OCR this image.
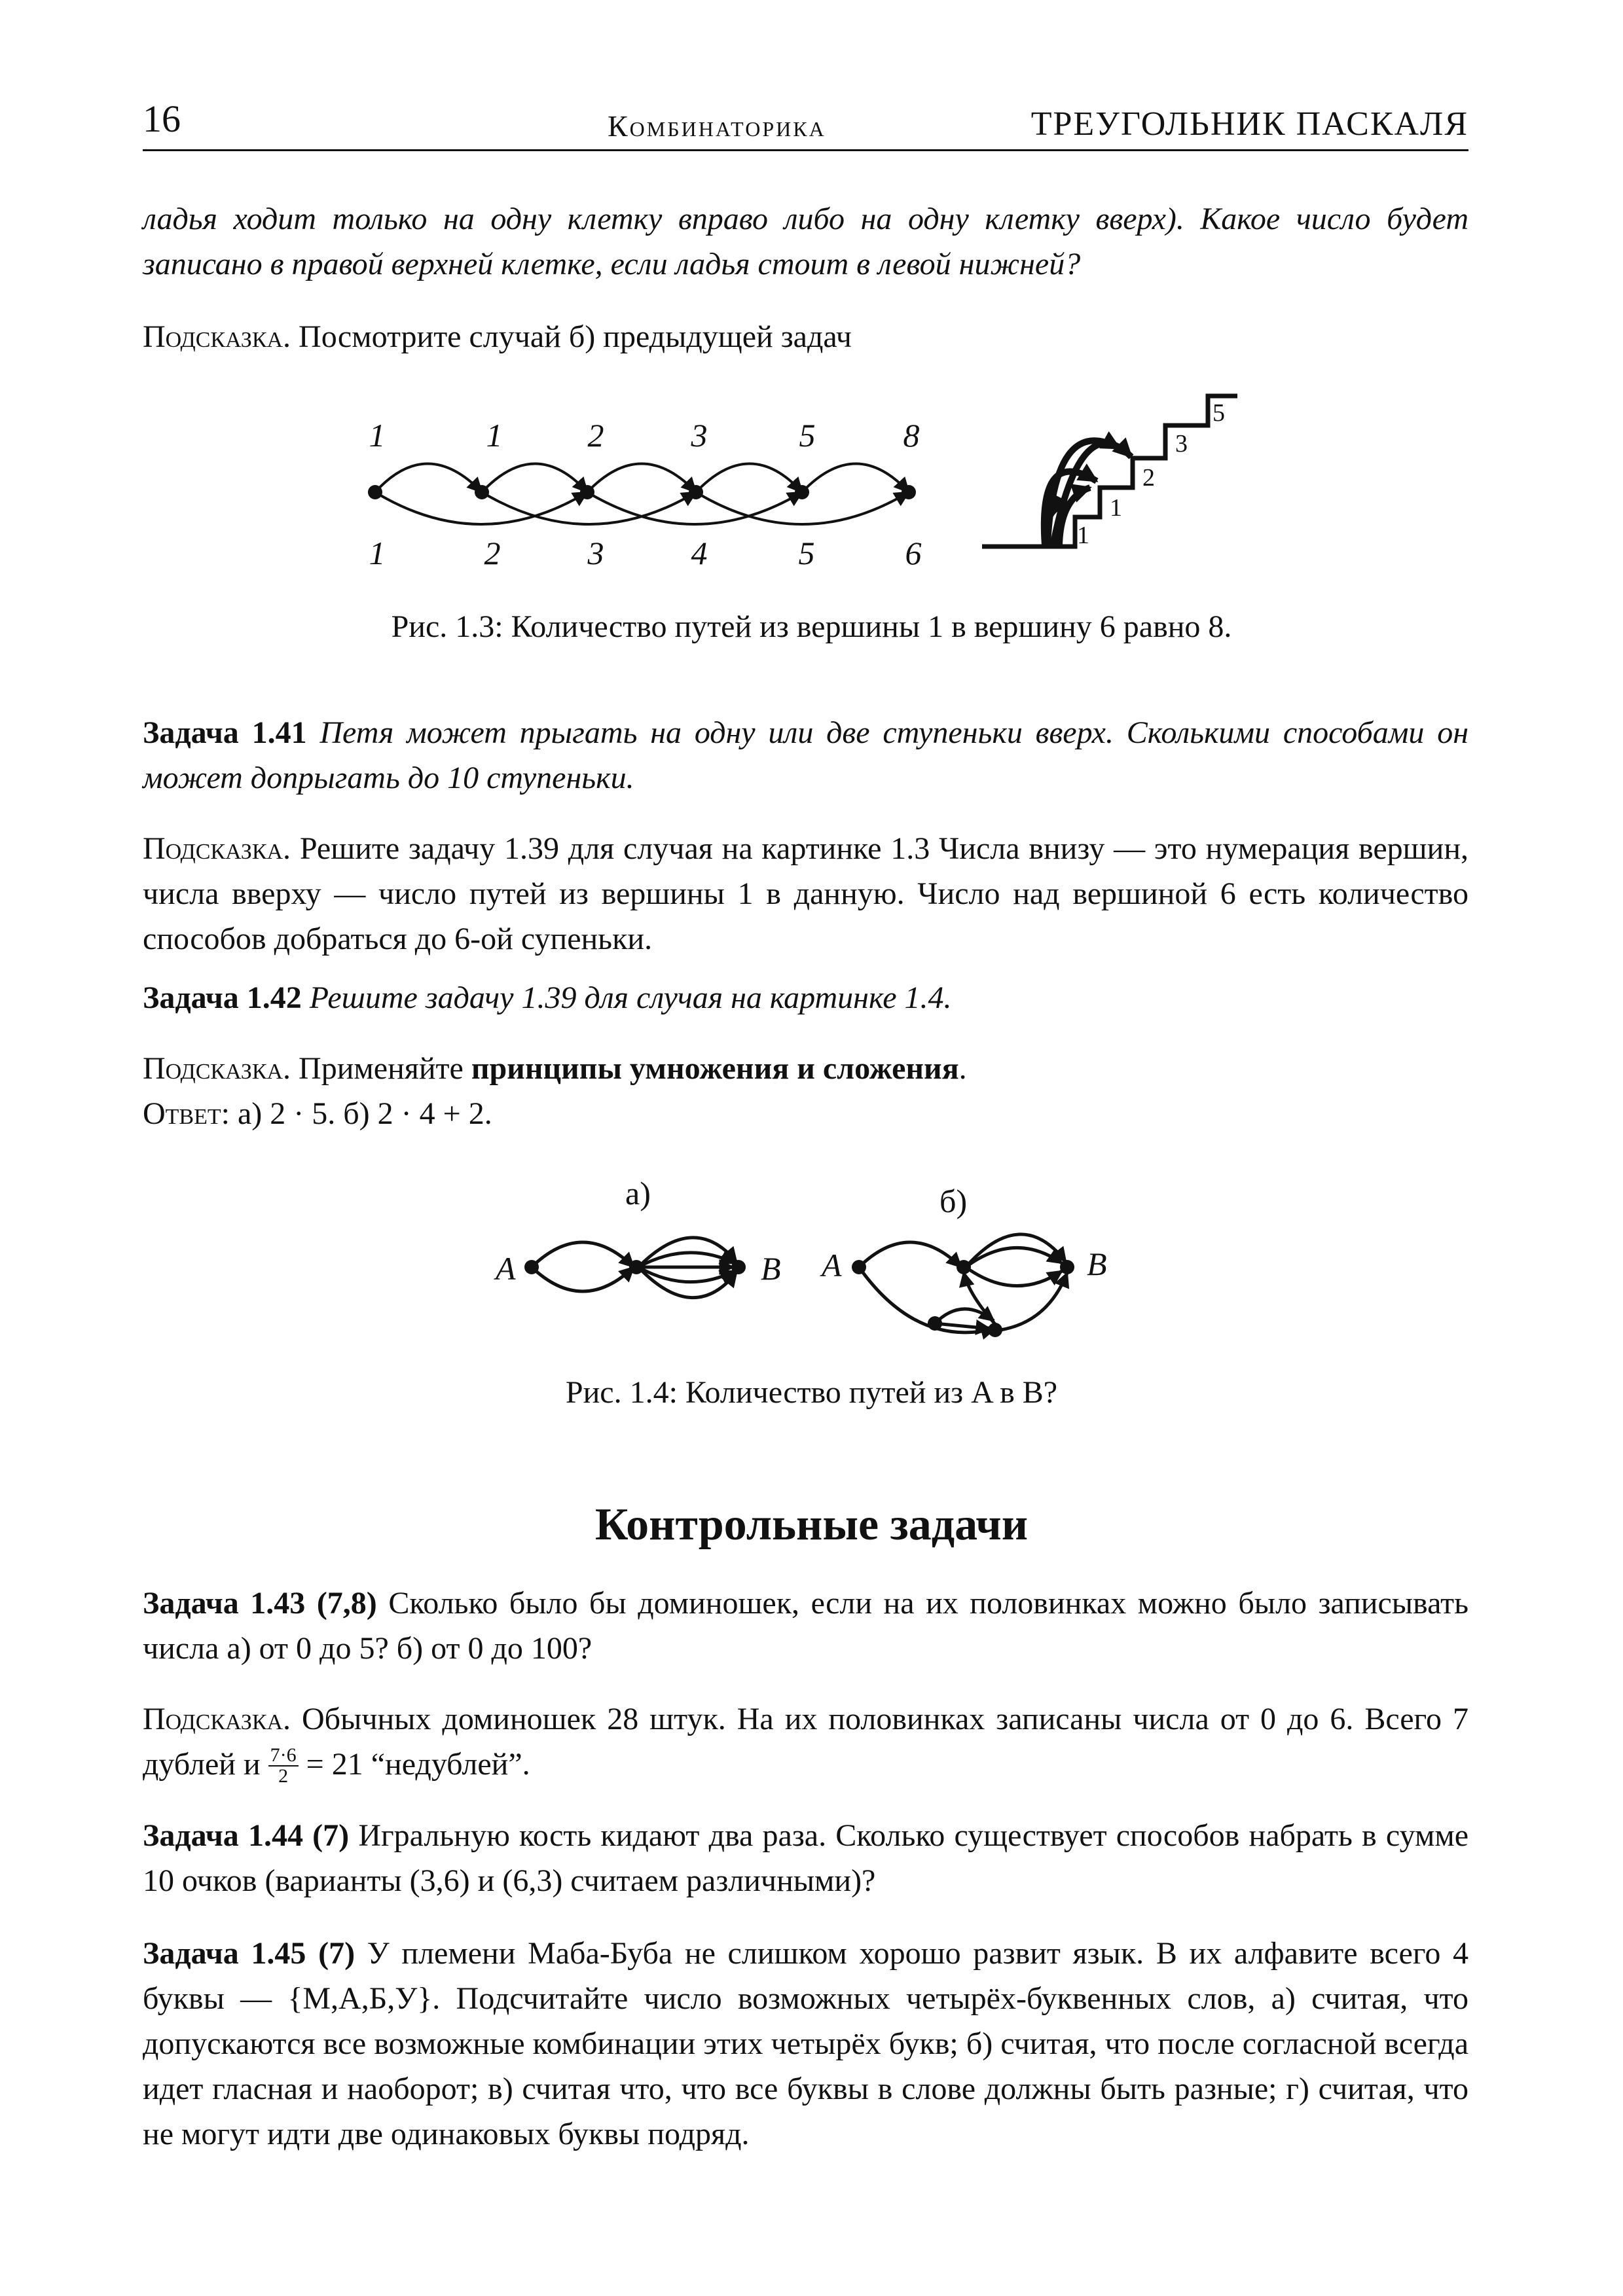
16	Комбинаторика	ТРЕУГОЛЬНИК ПАСКАЛЯ
ладья ходит только на одну клетку вправо либо на одну клетку вверх). Какое число будет записано в правой верхней клетке, если ладья стоит в левой нижней?
Подсказка. Посмотрите случай б) предыдущей задач
1	1	2	3	5	8
1	2	3	4	5	6	1
1
2
3
5
Рис. 1.3: Количество путей из вершины 1 в вершину 6 равно 8.
Задача 1.41 Петя может прыгать на одну или две ступеньки вверх. Сколькими способами он может допрыгать до 10 ступеньки.
Подсказка. Решите задачу 1.39 для случая на картинке 1.3 Числа внизу — это нумерация вершин, числа вверху — число путей из вершины 1 в данную. Число над вершиной 6 есть количество способов добраться до 6-ой супеньки.
Задача 1.42 Решите задачу 1.39 для случая на картинке 1.4.
Подсказка. Применяйте принципы умножения и сложения.
Ответ: а) 2 · 5. б) 2 · 4 + 2.
а)	б)
A	B A	B
Рис. 1.4: Количество путей из A в B?
Контрольные задачи
Задача 1.43 (7,8) Сколько было бы доминошек, если на их половинках можно было записывать числа а) от 0 до 5? б) от 0 до 100?
Подсказка. Обычных доминошек 28 штук. На их половинках записаны числа от 0 до 6. Всего 7 дублей и $\frac{7\cdot 6}{2} = 21$ “недублей”.
Задача 1.44 (7) Игральную кость кидают два раза. Сколько существует способов набрать в сумме 10 очков (варианты (3,6) и (6,3) считаем различными)?
Задача 1.45 (7) У племени Маба-Буба не слишком хорошо развит язык. В их алфавите всего 4 буквы — {М,А,Б,У}. Подсчитайте число возможных четырёх-буквенных слов, а) считая, что допускаются все возможные комбинации этих четырёх букв; б) считая, что после согласной всегда идет гласная и наоборот; в) считая что, что все буквы в слове должны быть разные; г) считая, что не могут идти две одинаковых буквы подряд.
